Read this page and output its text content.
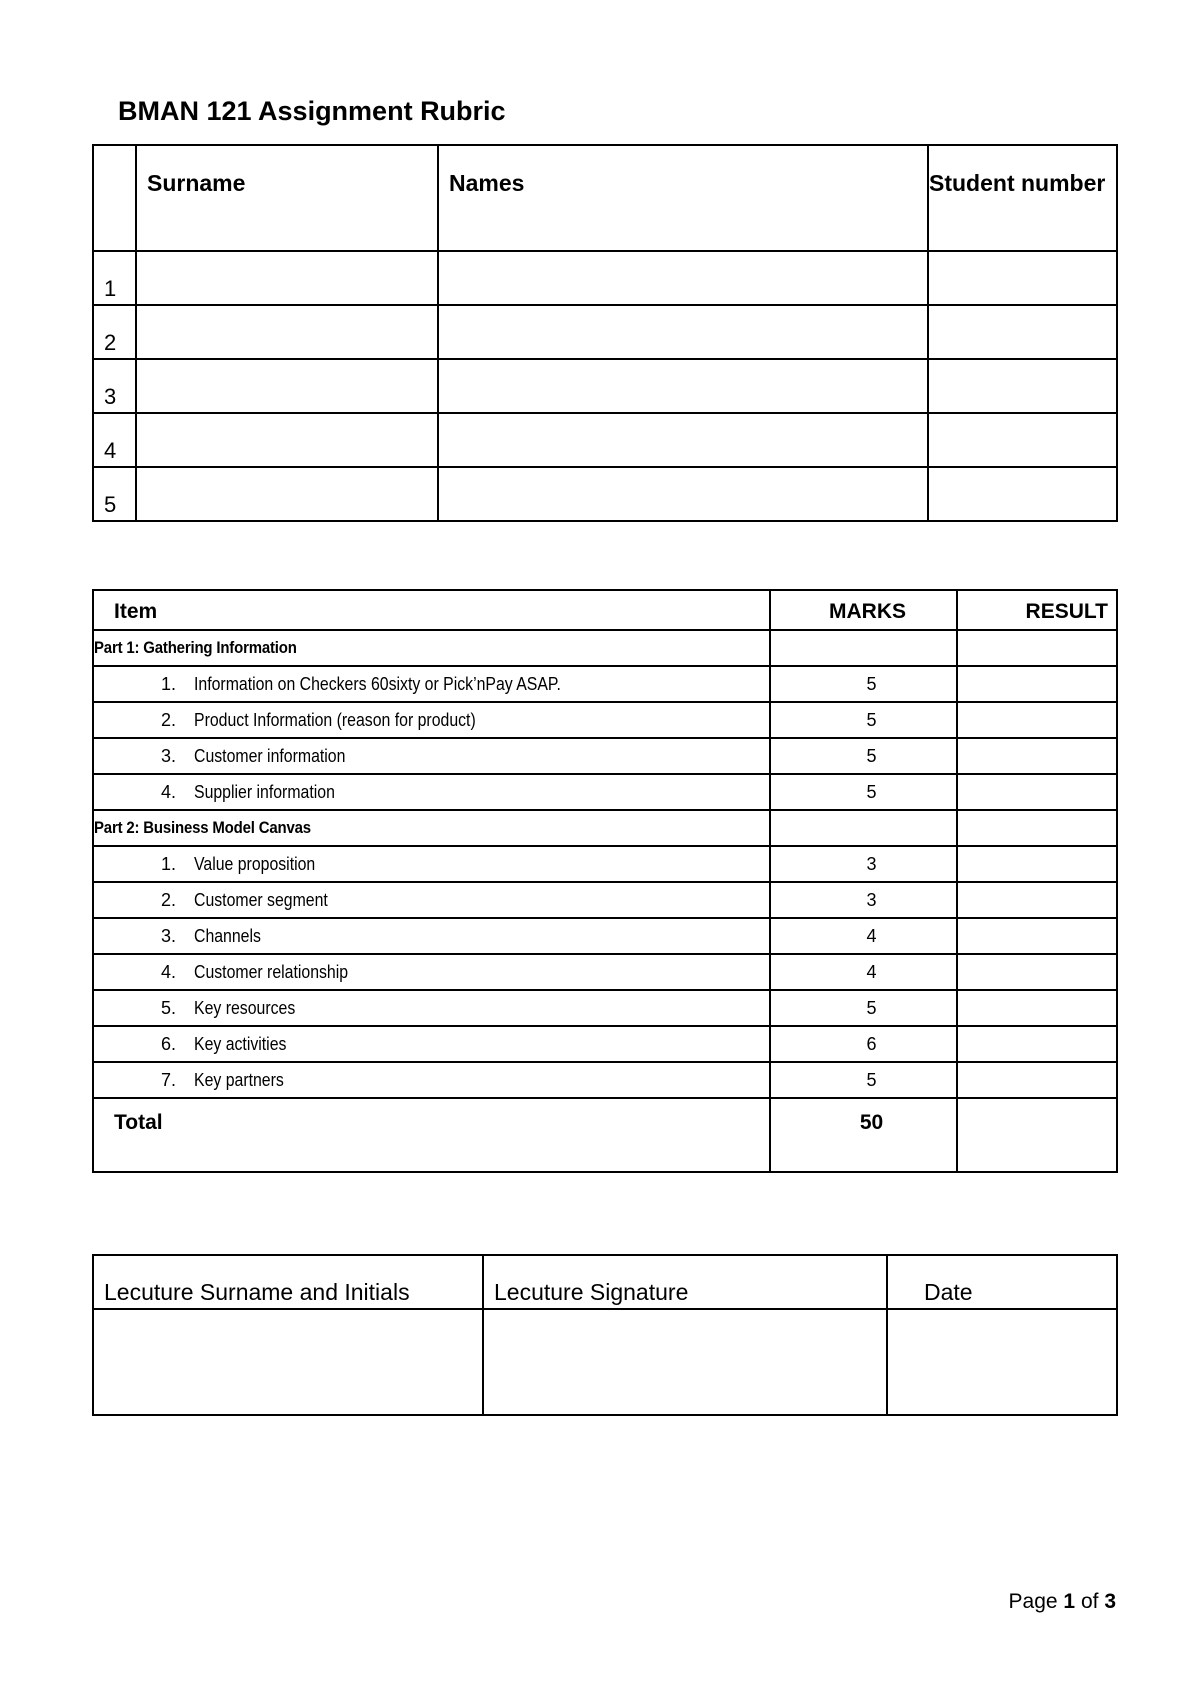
BMAN 121 Assignment Rubric
	Surname	Names	Student number
1			
2			
3			
4			
5			
Item	MARKS	RESULT
Part 1: Gathering Information		
1. Information on Checkers 60sixty or Pick’nPay ASAP.	5	
2. Product Information (reason for product)	5	
3. Customer information	5	
4. Supplier information	5	
Part 2: Business Model Canvas		
1. Value proposition	3	
2. Customer segment	3	
3. Channels	4	
4. Customer relationship	4	
5. Key resources	5	
6. Key activities	6	
7. Key partners	5	
Total	50	
Lecuture Surname and Initials	Lecuture Signature	Date

Page 1 of 3
